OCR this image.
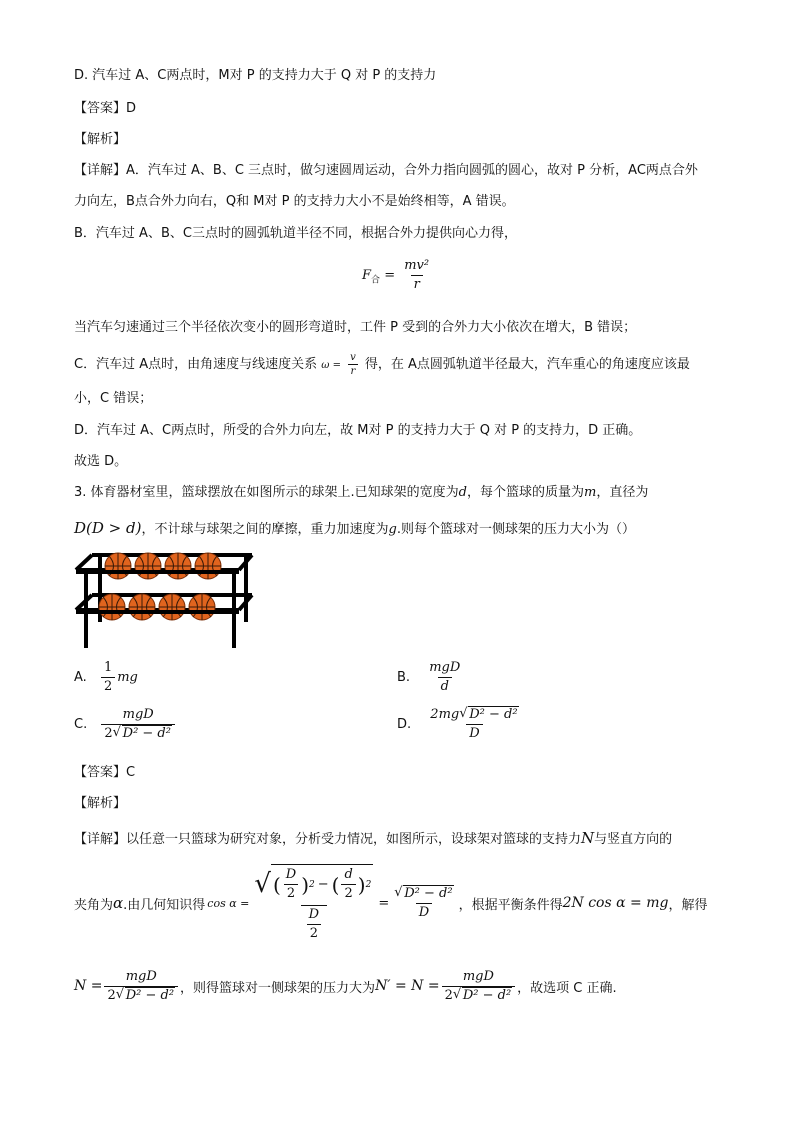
D. 汽车过 A、C两点时，M对 P 的支持力大于 Q 对 P 的支持力
【答案】D
【解析】
【详解】A．汽车过 A、B、C 三点时，做匀速圆周运动，合外力指向圆弧的圆心，故对 P 分析，AC两点合外
力向左，B点合外力向右，Q和 M对 P 的支持力大小不是始终相等，A 错误。
B．汽车过 A、B、C三点时的圆弧轨道半径不同，根据合外力提供向心力得，
$F_合 = \frac{\text{mv²}}{r}$
当汽车匀速通过三个半径依次变小的圆形弯道时，工件 P 受到的合外力大小依次在增大，B 错误；
C．汽车过 A点时，由角速度与线速度关系 $\omega = \frac{v}{r}$ 得，在 A点圆弧轨道半径最大，汽车重心的角速度应该最
小，C 错误；
D．汽车过 A、C两点时，所受的合外力向左，故 M对 P 的支持力大于 Q 对 P 的支持力，D 正确。
故选 D。
3. 体育器材室里，篮球摆放在如图所示的球架上.已知球架的宽度为d，每个篮球的质量为m，直径为
D(D > d)，不计球与球架之间的摩擦，重力加速度为g.则每个篮球对一侧球架的压力大小为（）
A. $\frac{1}{2}$ mg	B. $\frac{\text{mgD}}{d}$
C. $\frac{\text{mgD}}{\text{2 √ D² − d²}}$	D. $\frac{\text{2mg √ D² − d²}}{D}$
【答案】C
【解析】
【详解】以任意一只篮球为研究对象，分析受力情况，如图所示，设球架对篮球的支持力N与竖直方向的
夹角为 α .由几何知识得 cos α =
√ ( $\frac{D}{2}$ ) 2 − ( $\frac{d}{2}$ ) 2
$\frac{D}{2}$
= √ $\frac{\text{D² − d²}}{D}$ ，根据平衡条件得 2N cos α = mg ，解得
$N = \frac{\text{mgD}}{\text{2 √ D² − d²}}$ ，则得篮球对一侧球架的压力大为 $N' = N = \frac{\text{mgD}}{\text{2 √ D² − d²}}$ ，故选项 C 正确.
